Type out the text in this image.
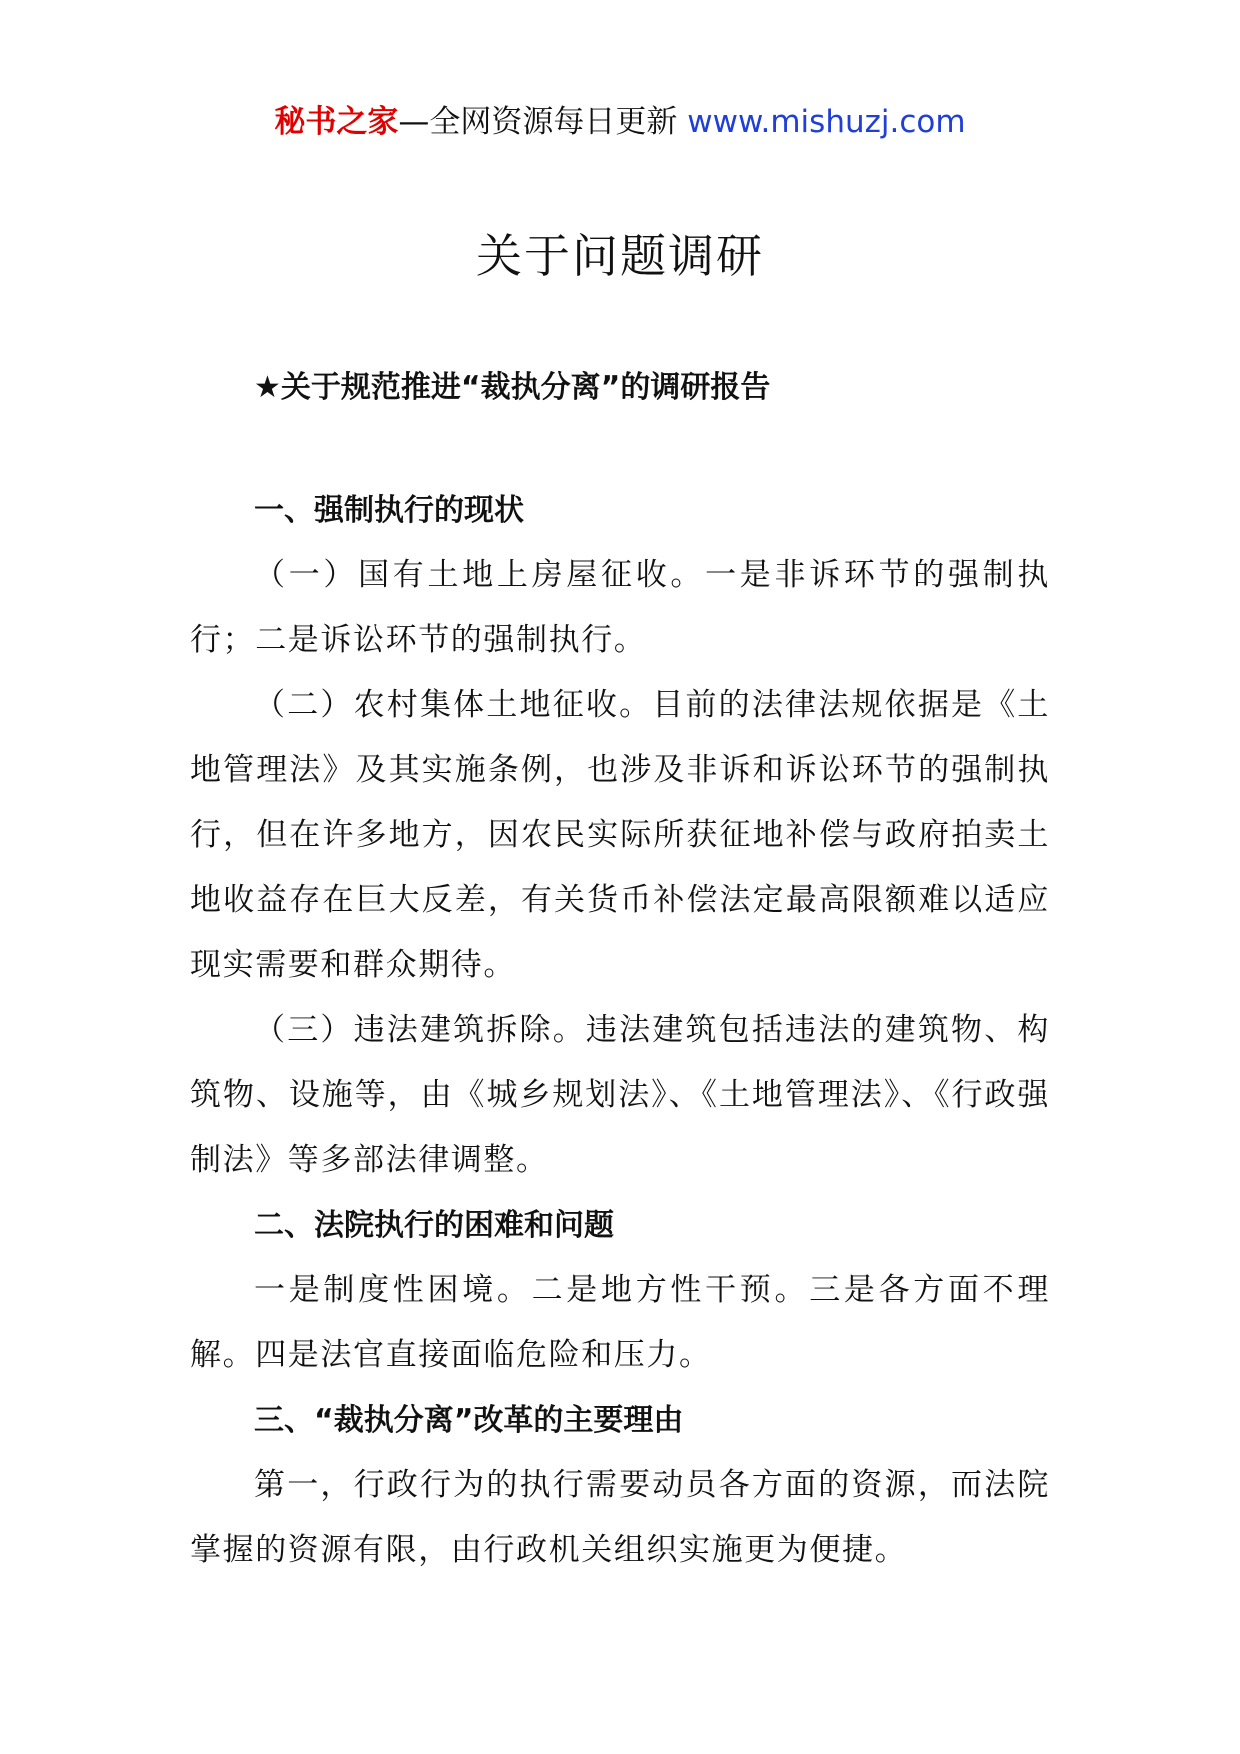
秘书之家—全网资源每日更新 www.mishuzj.com
关于问题调研

★关于规范推进“裁执分离”的调研报告

一、强制执行的现状

（一）国有土地上房屋征收。一是非诉环节的强制执行；二是诉讼环节的强制执行。

（二）农村集体土地征收。目前的法律法规依据是《土地管理法》及其实施条例，也涉及非诉和诉讼环节的强制执行，但在许多地方，因农民实际所获征地补偿与政府拍卖土地收益存在巨大反差，有关货币补偿法定最高限额难以适应现实需要和群众期待。

（三）违法建筑拆除。违法建筑包括违法的建筑物、构筑物、设施等，由《城乡规划法》、《土地管理法》、《行政强制法》等多部法律调整。

二、法院执行的困难和问题

一是制度性困境。二是地方性干预。三是各方面不理解。四是法官直接面临危险和压力。

三、“裁执分离”改革的主要理由

第一，行政行为的执行需要动员各方面的资源，而法院掌握的资源有限，由行政机关组织实施更为便捷。
